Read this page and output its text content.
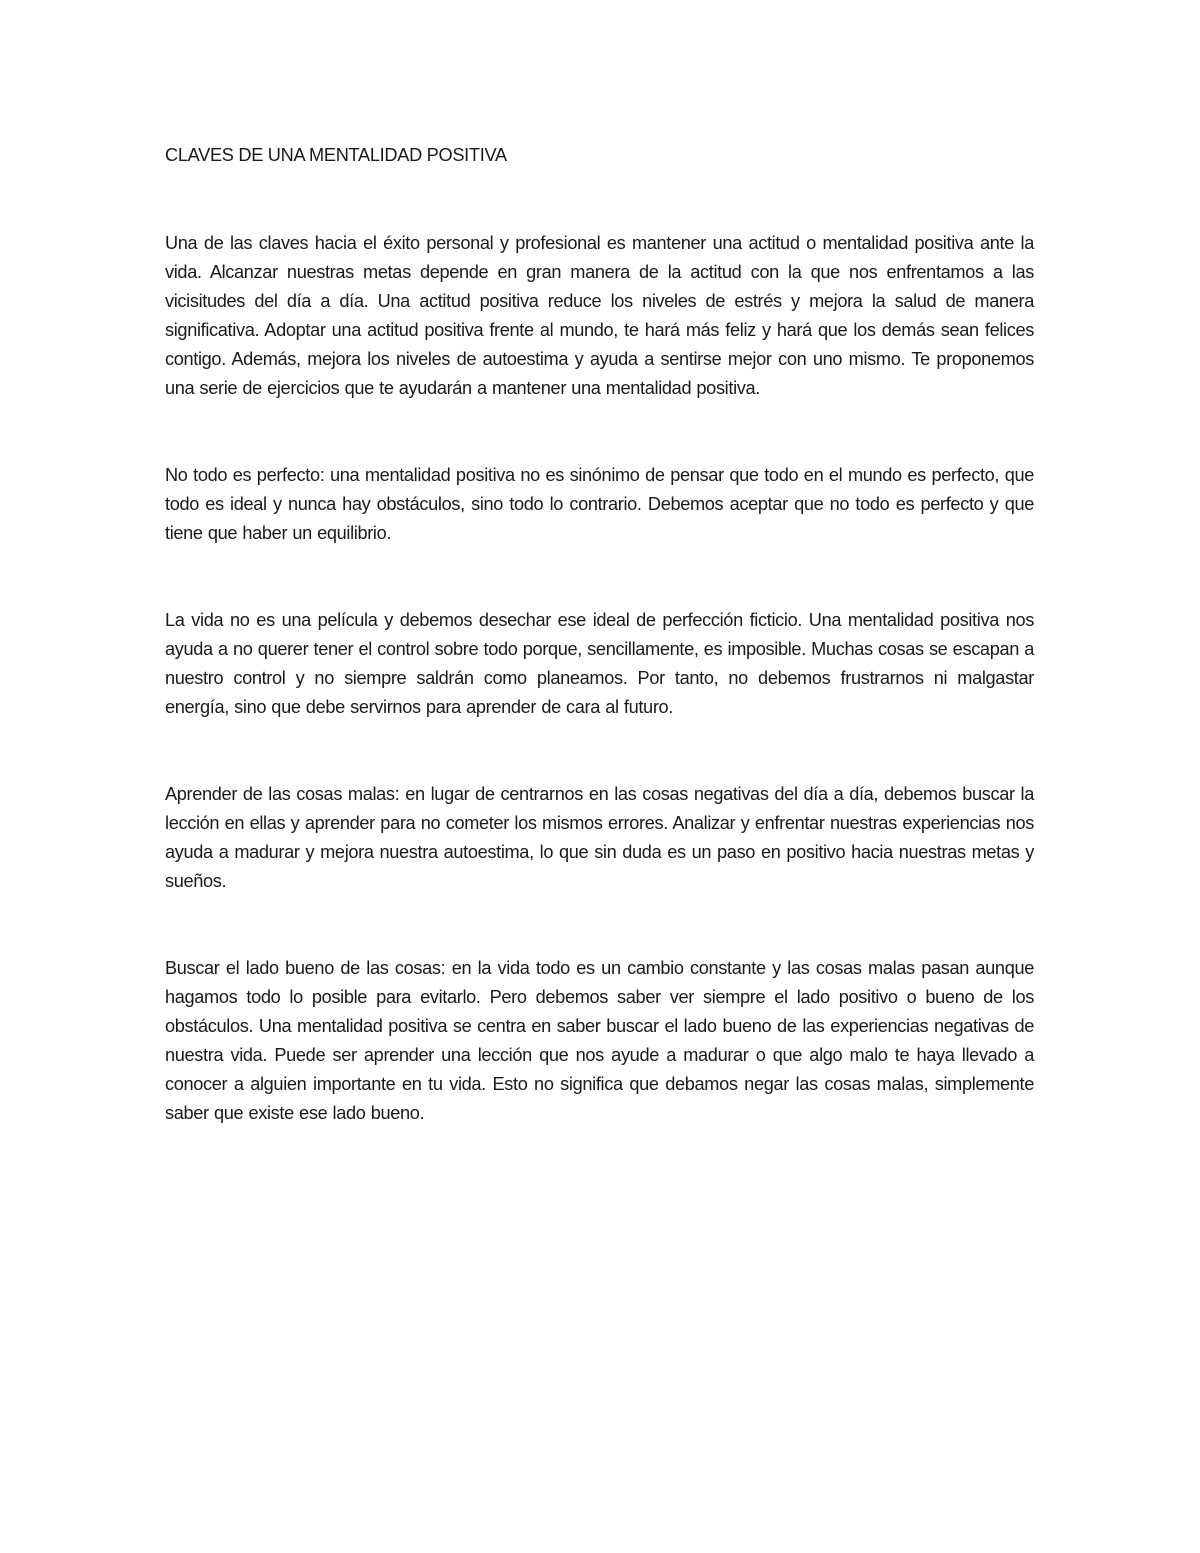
CLAVES DE UNA MENTALIDAD POSITIVA

Una de las claves hacia el éxito personal y profesional es mantener una actitud o mentalidad positiva ante la vida. Alcanzar nuestras metas depende en gran manera de la actitud con la que nos enfrentamos a las vicisitudes del día a día. Una actitud positiva reduce los niveles de estrés y mejora la salud de manera significativa. Adoptar una actitud positiva frente al mundo, te hará más feliz y hará que los demás sean felices contigo. Además, mejora los niveles de autoestima y ayuda a sentirse mejor con uno mismo. Te proponemos una serie de ejercicios que te ayudarán a mantener una mentalidad positiva.

No todo es perfecto: una mentalidad positiva no es sinónimo de pensar que todo en el mundo es perfecto, que todo es ideal y nunca hay obstáculos, sino todo lo contrario. Debemos aceptar que no todo es perfecto y que tiene que haber un equilibrio.

La vida no es una película y debemos desechar ese ideal de perfección ficticio. Una mentalidad positiva nos ayuda a no querer tener el control sobre todo porque, sencillamente, es imposible. Muchas cosas se escapan a nuestro control y no siempre saldrán como planeamos. Por tanto, no debemos frustrarnos ni malgastar energía, sino que debe servirnos para aprender de cara al futuro.

Aprender de las cosas malas: en lugar de centrarnos en las cosas negativas del día a día, debemos buscar la lección en ellas y aprender para no cometer los mismos errores. Analizar y enfrentar nuestras experiencias nos ayuda a madurar y mejora nuestra autoestima, lo que sin duda es un paso en positivo hacia nuestras metas y sueños.

Buscar el lado bueno de las cosas: en la vida todo es un cambio constante y las cosas malas pasan aunque hagamos todo lo posible para evitarlo. Pero debemos saber ver siempre el lado positivo o bueno de los obstáculos. Una mentalidad positiva se centra en saber buscar el lado bueno de las experiencias negativas de nuestra vida. Puede ser aprender una lección que nos ayude a madurar o que algo malo te haya llevado a conocer a alguien importante en tu vida. Esto no significa que debamos negar las cosas malas, simplemente saber que existe ese lado bueno.
